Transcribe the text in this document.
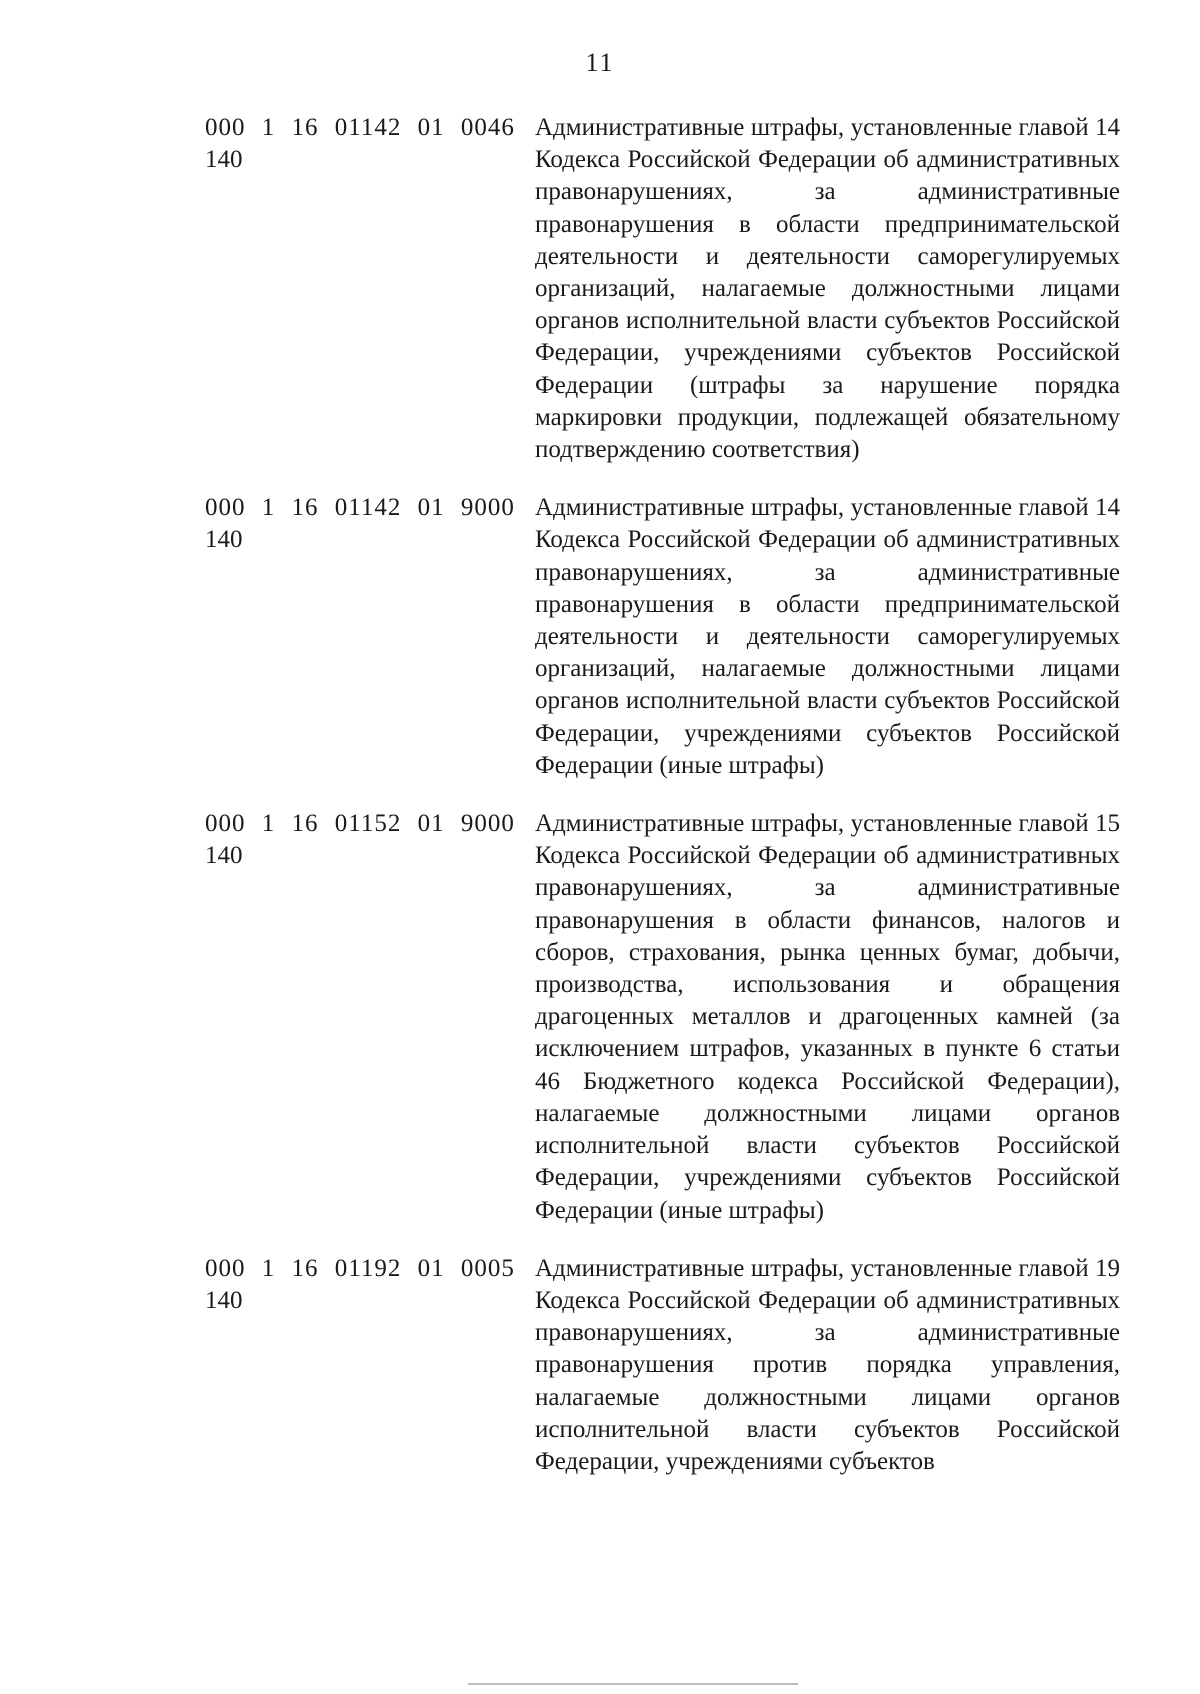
11
000 1 16 01142 01 0046
140
Административные штрафы, установленные главой 14 Кодекса Российской Федерации об административных правонарушениях, за административные правонарушения в области предпринимательской деятельности и деятельности саморегулируемых организаций, налагаемые должностными лицами органов исполнительной власти субъектов Российской Федерации, учреждениями субъектов Российской Федерации (штрафы за нарушение порядка маркировки продукции, подлежащей обязательному подтверждению соответствия)
000 1 16 01142 01 9000
140
Административные штрафы, установленные главой 14 Кодекса Российской Федерации об административных правонарушениях, за административные правонарушения в области предпринимательской деятельности и деятельности саморегулируемых организаций, налагаемые должностными лицами органов исполнительной власти субъектов Российской Федерации, учреждениями субъектов Российской Федерации (иные штрафы)
000 1 16 01152 01 9000
140
Административные штрафы, установленные главой 15 Кодекса Российской Федерации об административных правонарушениях, за административные правонарушения в области финансов, налогов и сборов, страхования, рынка ценных бумаг, добычи, производства, использования и обращения драгоценных металлов и драгоценных камней (за исключением штрафов, указанных в пункте 6 статьи 46 Бюджетного кодекса Российской Федерации), налагаемые должностными лицами органов исполнительной власти субъектов Российской Федерации, учреждениями субъектов Российской Федерации (иные штрафы)
000 1 16 01192 01 0005
140
Административные штрафы, установленные главой 19 Кодекса Российской Федерации об административных правонарушениях, за административные правонарушения против порядка управления, налагаемые должностными лицами органов исполнительной власти субъектов Российской Федерации, учреждениями субъектов
